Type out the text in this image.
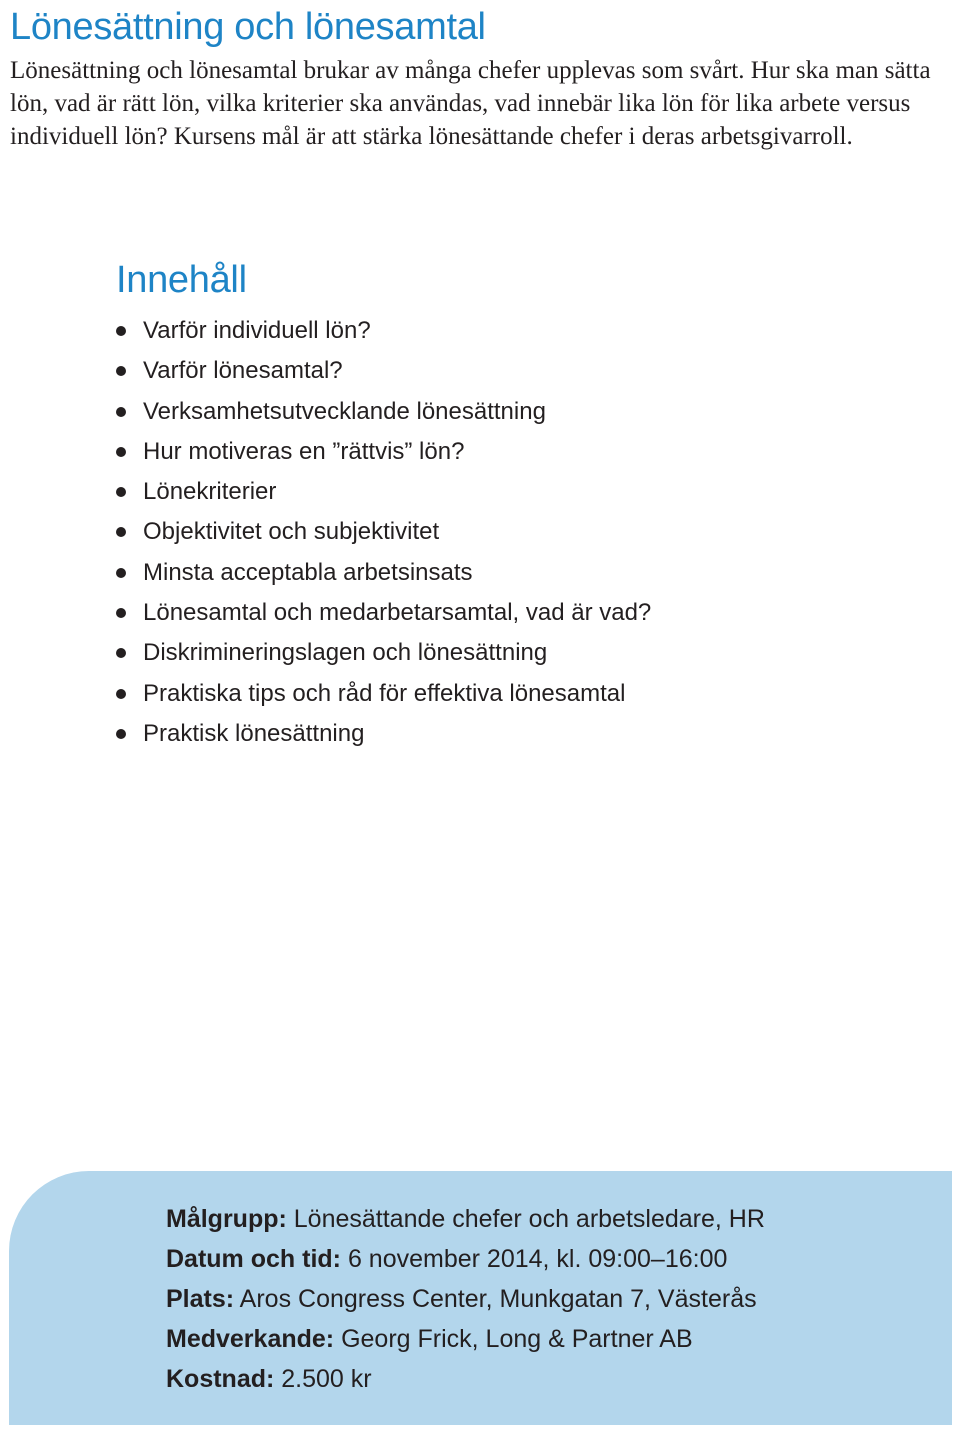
Lönesättning och lönesamtal

Lönesättning och lönesamtal brukar av många chefer upplevas som svårt. Hur ska man sätta lön, vad är rätt lön, vilka kriterier ska användas, vad innebär lika lön för lika arbete versus individuell lön? Kursens mål är att stärka lönesättande chefer i deras arbetsgivarroll.

Innehåll
Varför individuell lön?
Varför lönesamtal?
Verksamhetsutvecklande lönesättning
Hur motiveras en ”rättvis” lön?
Lönekriterier
Objektivitet och subjektivitet
Minsta acceptabla arbetsinsats
Lönesamtal och medarbetarsamtal, vad är vad?
Diskrimineringslagen och lönesättning
Praktiska tips och råd för effektiva lönesamtal
Praktisk lönesättning
Målgrupp: Lönesättande chefer och arbetsledare, HR
Datum och tid: 6 november 2014, kl. 09:00–16:00
Plats: Aros Congress Center, Munkgatan 7, Västerås
Medverkande: Georg Frick, Long & Partner AB
Kostnad: 2.500 kr
